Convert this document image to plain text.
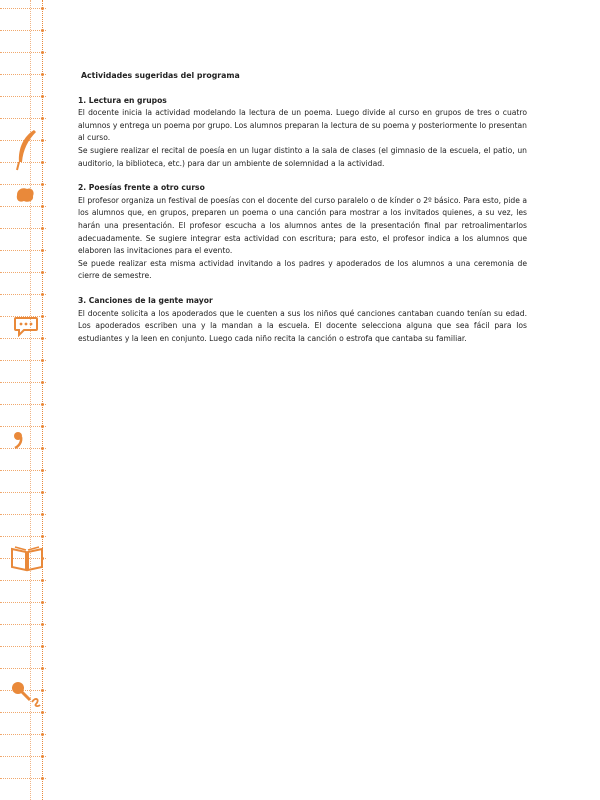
Actividades sugeridas del programa

1. Lectura en grupos

El docente inicia la actividad modelando la lectura de un poema. Luego divide al curso en grupos de tres o cuatro alumnos y entrega un poema por grupo. Los alumnos preparan la lectura de su poema y posteriormente lo presentan al curso.

Se sugiere realizar el recital de poesía en un lugar distinto a la sala de clases (el gimnasio de la escuela, el patio, un auditorio, la biblioteca, etc.) para dar un ambiente de solemnidad a la actividad.

2. Poesías frente a otro curso

El profesor organiza un festival de poesías con el docente del curso paralelo o de kínder o 2º básico. Para esto, pide a los alumnos que, en grupos, preparen un poema o una canción para mostrar a los invitados quienes, a su vez, les harán una presentación. El profesor escucha a los alumnos antes de la presentación final par retroalimentarlos adecuadamente. Se sugiere integrar esta actividad con escritura; para esto, el profesor indica a los alumnos que elaboren las invitaciones para el evento.

Se puede realizar esta misma actividad invitando a los padres y apoderados de los alumnos a una ceremonia de cierre de semestre.

3. Canciones de la gente mayor

El docente solicita a los apoderados que le cuenten a sus los niños qué canciones cantaban cuando tenían su edad. Los apoderados escriben una y la mandan a la escuela. El docente selecciona alguna que sea fácil para los estudiantes y la leen en conjunto. Luego cada niño recita la canción o estrofa que cantaba su familiar.
